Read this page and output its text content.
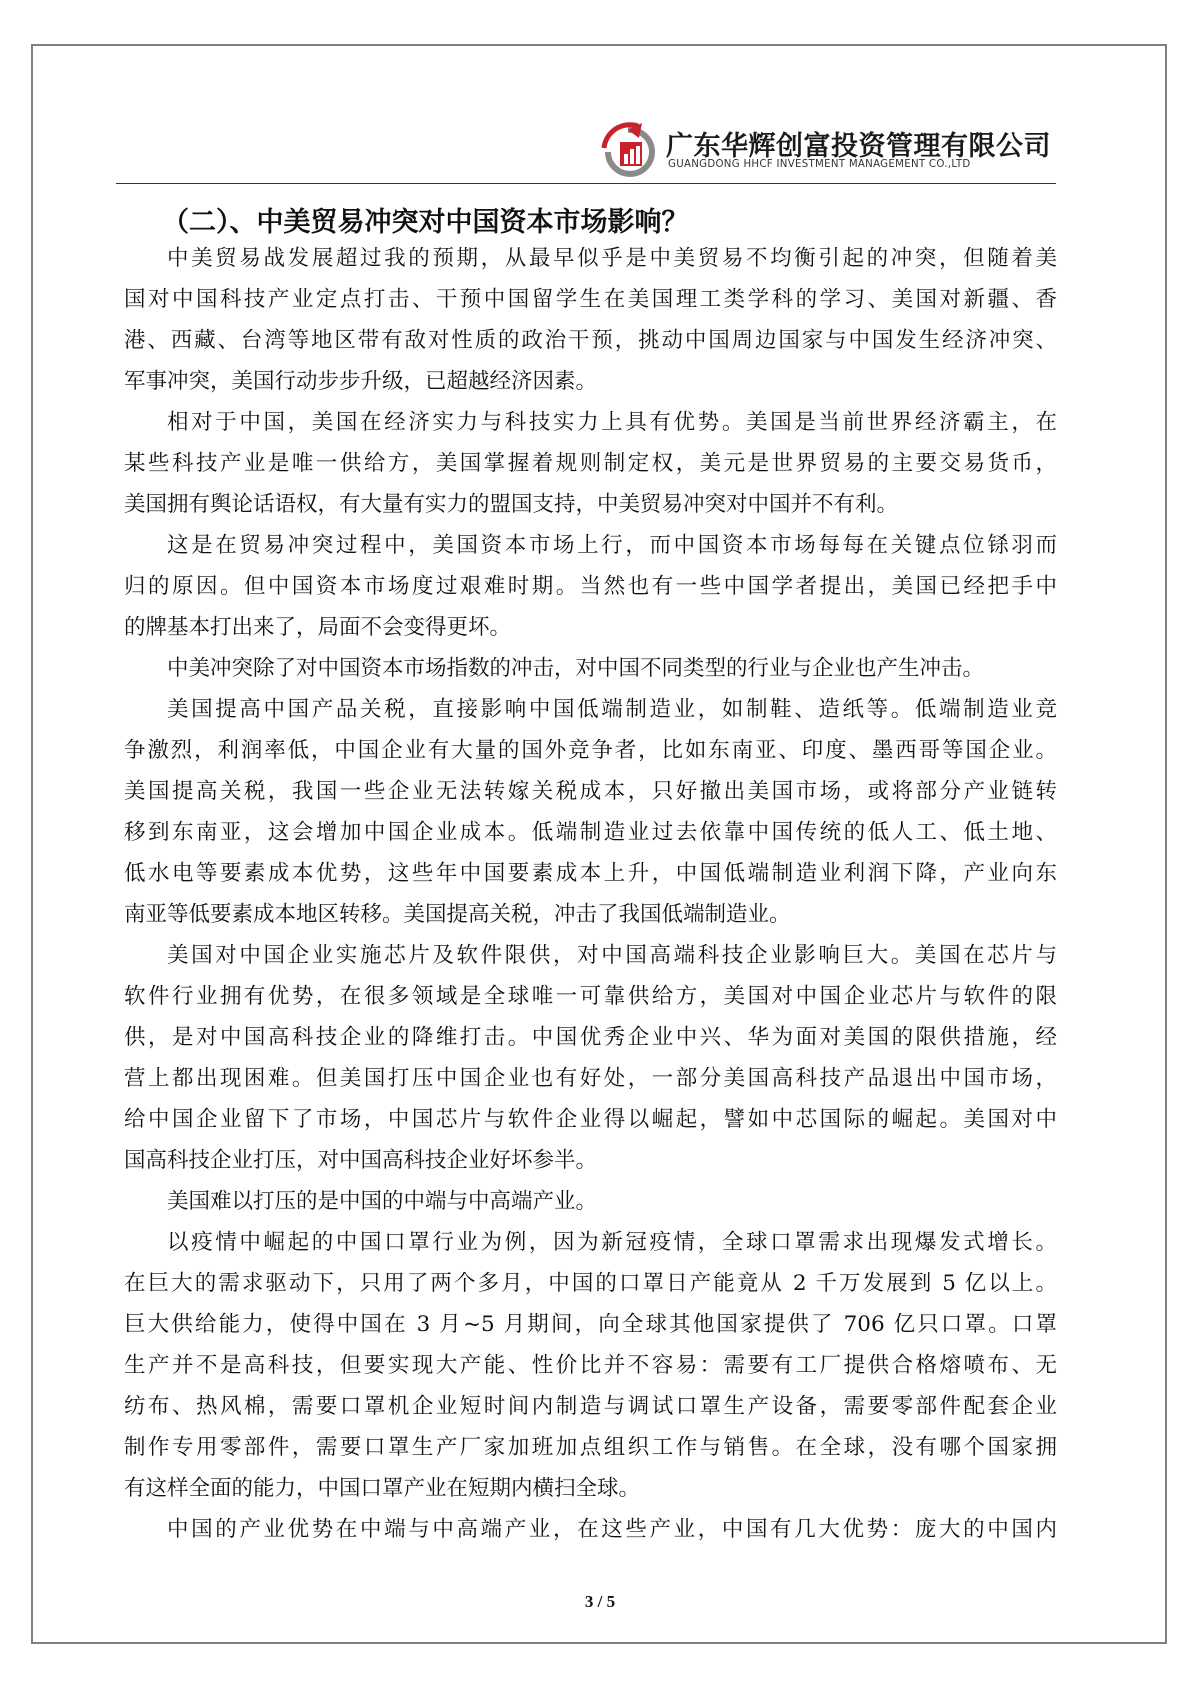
广东华辉创富投资管理有限公司
GUANGDONG HHCF INVESTMENT MANAGEMENT CO.,LTD
（二）、中美贸易冲突对中国资本市场影响？
中美贸易战发展超过我的预期，从最早似乎是中美贸易不均衡引起的冲突，但随着美
国对中国科技产业定点打击、干预中国留学生在美国理工类学科的学习、美国对新疆、香
港、西藏、台湾等地区带有敌对性质的政治干预，挑动中国周边国家与中国发生经济冲突、
军事冲突，美国行动步步升级，已超越经济因素。
相对于中国，美国在经济实力与科技实力上具有优势。美国是当前世界经济霸主，在
某些科技产业是唯一供给方，美国掌握着规则制定权，美元是世界贸易的主要交易货币，
美国拥有舆论话语权，有大量有实力的盟国支持，中美贸易冲突对中国并不有利。
这是在贸易冲突过程中，美国资本市场上行，而中国资本市场每每在关键点位铩羽而
归的原因。但中国资本市场度过艰难时期。当然也有一些中国学者提出，美国已经把手中
的牌基本打出来了，局面不会变得更坏。
中美冲突除了对中国资本市场指数的冲击，对中国不同类型的行业与企业也产生冲击。
美国提高中国产品关税，直接影响中国低端制造业，如制鞋、造纸等。低端制造业竞
争激烈，利润率低，中国企业有大量的国外竞争者，比如东南亚、印度、墨西哥等国企业。
美国提高关税，我国一些企业无法转嫁关税成本，只好撤出美国市场，或将部分产业链转
移到东南亚，这会增加中国企业成本。低端制造业过去依靠中国传统的低人工、低土地、
低水电等要素成本优势，这些年中国要素成本上升，中国低端制造业利润下降，产业向东
南亚等低要素成本地区转移。美国提高关税，冲击了我国低端制造业。
美国对中国企业实施芯片及软件限供，对中国高端科技企业影响巨大。美国在芯片与
软件行业拥有优势，在很多领域是全球唯一可靠供给方，美国对中国企业芯片与软件的限
供，是对中国高科技企业的降维打击。中国优秀企业中兴、华为面对美国的限供措施，经
营上都出现困难。但美国打压中国企业也有好处，一部分美国高科技产品退出中国市场，
给中国企业留下了市场，中国芯片与软件企业得以崛起，譬如中芯国际的崛起。美国对中
国高科技企业打压，对中国高科技企业好坏参半。
美国难以打压的是中国的中端与中高端产业。
以疫情中崛起的中国口罩行业为例，因为新冠疫情，全球口罩需求出现爆发式增长。
在巨大的需求驱动下，只用了两个多月，中国的口罩日产能竟从 2 千万发展到 5 亿以上。
巨大供给能力，使得中国在 3 月~5 月期间，向全球其他国家提供了 706 亿只口罩。口罩
生产并不是高科技，但要实现大产能、性价比并不容易：需要有工厂提供合格熔喷布、无
纺布、热风棉，需要口罩机企业短时间内制造与调试口罩生产设备，需要零部件配套企业
制作专用零部件，需要口罩生产厂家加班加点组织工作与销售。在全球，没有哪个国家拥
有这样全面的能力，中国口罩产业在短期内横扫全球。
中国的产业优势在中端与中高端产业，在这些产业，中国有几大优势：庞大的中国内
3 / 5
